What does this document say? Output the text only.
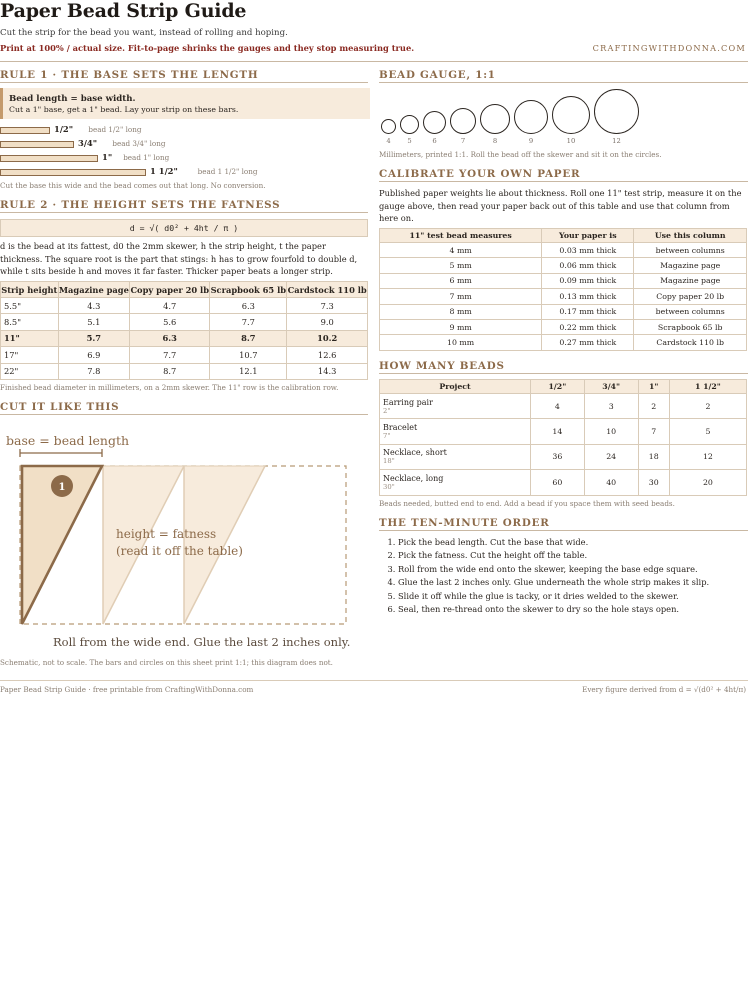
Paper Bead Strip Guide
Cut the strip for the bead you want, instead of rolling and hoping.
Print at 100% / actual size. Fit-to-page shrinks the gauges and they stop measuring true.	CRAFTINGWITHDONNA.COM
RULE 1 · THE BASE SETS THE LENGTH
Bead length = base width.
Cut a 1" base, get a 1" bead. Lay your strip on these bars.
1/2" bead 1/2" long
3/4" bead 3/4" long
1" bead 1" long
1 1/2"	bead 1 1/2" long
Cut the base this wide and the bead comes out that long. No conversion.
RULE 2 · THE HEIGHT SETS THE FATNESS
d = √( d0² + 4ht / π )
d is the bead at its fattest, d0 the 2mm skewer, h the strip height, t the paper thickness. The square root is the part that stings: h has to grow fourfold to double d, while t sits beside h and moves it far faster. Thicker paper beats a longer strip.
Strip height	Magazine page	Copy paper 20 lb	Scrapbook 65 lb	Cardstock 110 lb
5.5"	4.3	4.7	6.3	7.3
8.5"	5.1	5.6	7.7	9.0
11"	5.7	6.3	8.7	10.2
17"	6.9	7.7	10.7	12.6
22"	7.8	8.7	12.1	14.3
Finished bead diameter in millimeters, on a 2mm skewer. The 11" row is the calibration row.
CUT IT LIKE THIS
base = bead length
1
height = fatness
(read it off the table)
Roll from the wide end. Glue the last 2 inches only.
Schematic, not to scale. The bars and circles on this sheet print 1:1; this diagram does not.
BEAD GAUGE, 1:1
4	5	6	7	8	9	10	12
Millimeters, printed 1:1. Roll the bead off the skewer and sit it on the circles.
CALIBRATE YOUR OWN PAPER
Published paper weights lie about thickness. Roll one 11" test strip, measure it on the gauge above, then read your paper back out of this table and use that column from here on.
11" test bead measures	Your paper is	Use this column
4 mm	0.03 mm thick	between columns
5 mm	0.06 mm thick	Magazine page
6 mm	0.09 mm thick	Magazine page
7 mm	0.13 mm thick	Copy paper 20 lb
8 mm	0.17 mm thick	between columns
9 mm	0.22 mm thick	Scrapbook 65 lb
10 mm	0.27 mm thick	Cardstock 110 lb
HOW MANY BEADS
Project	1/2"	3/4"	1"	1 1/2"

Earring pair
2"	4	3	2	2

Bracelet
7"	14	10	7	5

Necklace, short
18"	36	24	18	12

Necklace, long
30"	60	40	30	20
Beads needed, butted end to end. Add a bead if you space them with seed beads.
THE TEN-MINUTE ORDER
1. Pick the bead length. Cut the base that wide.
2. Pick the fatness. Cut the height off the table.
3. Roll from the wide end onto the skewer, keeping the base edge square.
4. Glue the last 2 inches only. Glue underneath the whole strip makes it slip.
5. Slide it off while the glue is tacky, or it dries welded to the skewer.
6. Seal, then re-thread onto the skewer to dry so the hole stays open.
Paper Bead Strip Guide · free printable from CraftingWithDonna.com	Every figure derived from d = √(d0² + 4ht/π)
